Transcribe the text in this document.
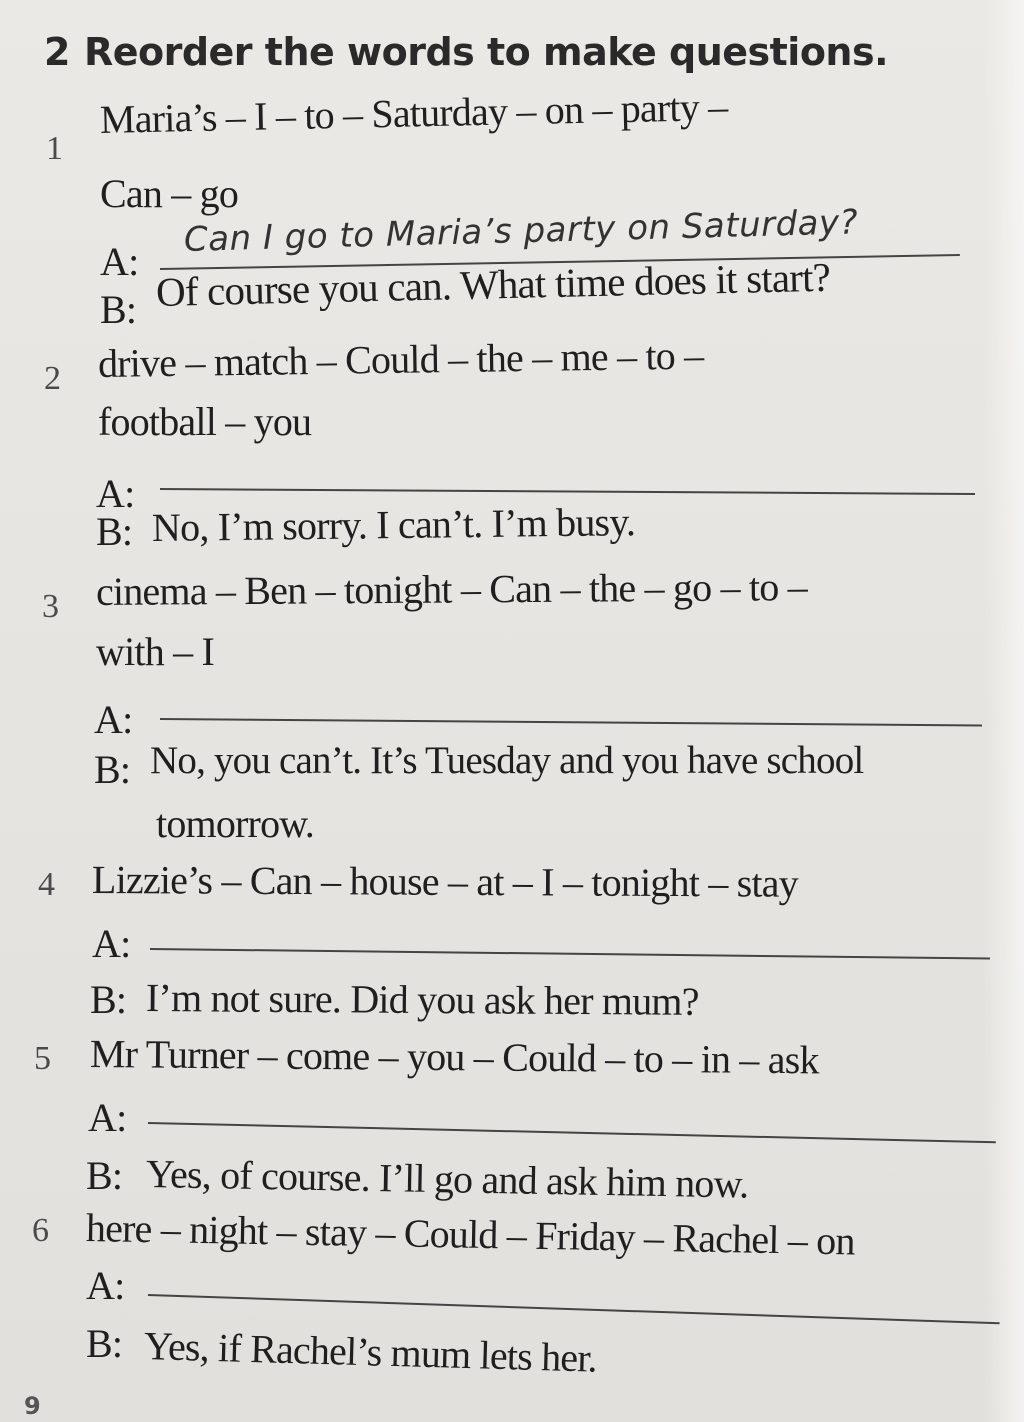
2 Reorder the words to make questions.
1
Maria’s – I – to – Saturday – on – party –
Can – go
A:
Can I go to Maria’s party on Saturday?
B: Of course you can. What time does it start?
2 drive – match – Could – the – me – to –
football – you
A:
B: No, I’m sorry. I can’t. I’m busy.
3 cinema – Ben – tonight – Can – the – go – to –
with – I
A:
B: No, you can’t. It’s Tuesday and you have school
tomorrow.
4 Lizzie’s – Can – house – at – I – tonight – stay
A:
B: I’m not sure. Did you ask her mum?
5 Mr Turner – come – you – Could – to – in – ask
A:
B: Yes, of course. I’ll go and ask him now.
6 here – night – stay – Could – Friday – Rachel – on
A:
B: Yes, if Rachel’s mum lets her.
9
